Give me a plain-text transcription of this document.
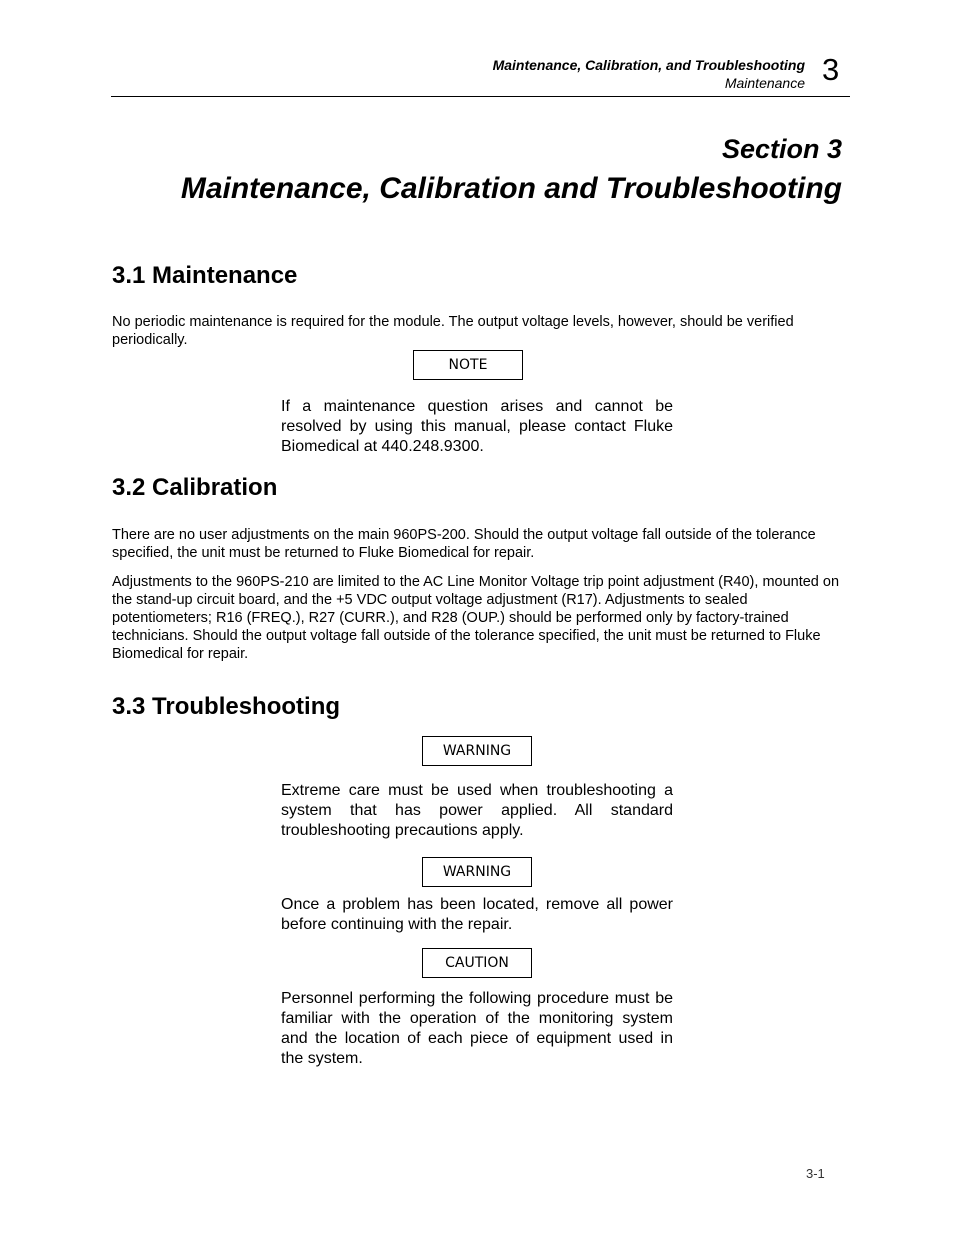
Maintenance, Calibration, and Troubleshooting
Maintenance 3
Section 3
Maintenance, Calibration and Troubleshooting
3.1 Maintenance
No periodic maintenance is required for the module. The output voltage levels, however, should be verified periodically.
NOTE
If a maintenance question arises and cannot be resolved by using this manual, please contact Fluke Biomedical at 440.248.9300.
3.2 Calibration
There are no user adjustments on the main 960PS-200. Should the output voltage fall outside of the tolerance specified, the unit must be returned to Fluke Biomedical for repair.
Adjustments to the 960PS-210 are limited to the AC Line Monitor Voltage trip point adjustment (R40), mounted on the stand-up circuit board, and the +5 VDC output voltage adjustment (R17). Adjustments to sealed potentiometers; R16 (FREQ.), R27 (CURR.), and R28 (OUP.) should be performed only by factory-trained technicians. Should the output voltage fall outside of the tolerance specified, the unit must be returned to Fluke Biomedical for repair.
3.3 Troubleshooting
WARNING
Extreme care must be used when troubleshooting a system that has power applied. All standard troubleshooting precautions apply.
WARNING
Once a problem has been located, remove all power before continuing with the repair.
CAUTION
Personnel performing the following procedure must be familiar with the operation of the monitoring system and the location of each piece of equipment used in the system.
3-1
